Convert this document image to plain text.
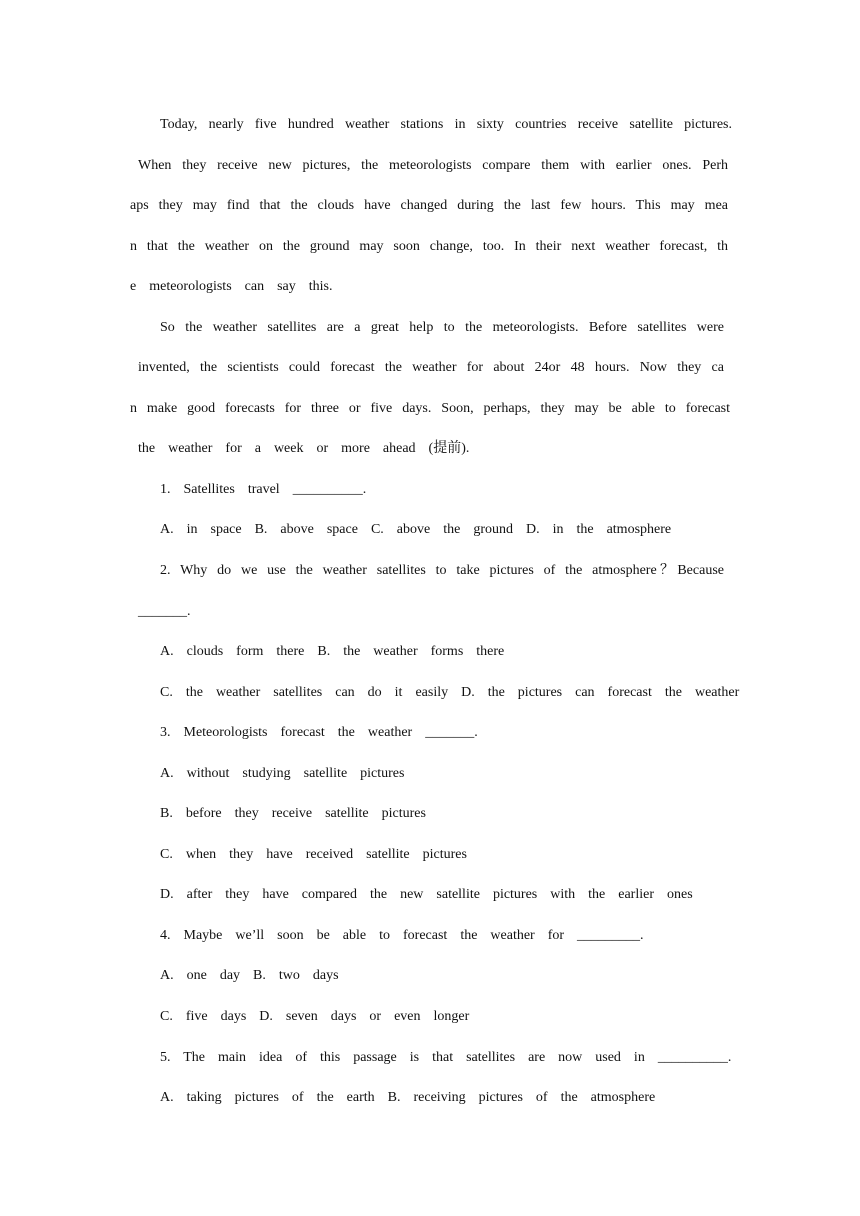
Today, nearly five hundred weather stations in sixty countries receive satellite pictures.
When they receive new pictures, the meteorologists compare them with earlier ones. Perh
aps they may find that the clouds have changed during the last few hours. This may mea
n that the weather on the ground may soon change, too. In their next weather forecast, th
e  meteorologists  can  say  this.
So the weather satellites are a great help to the meteorologists. Before satellites were
invented, the scientists could forecast the weather for about 24or 48 hours. Now they ca
n make good forecasts for three or five days. Soon, perhaps, they may be able to forecast
the  weather  for  a  week  or  more  ahead  (提前).
1.  Satellites  travel  __________.
A.  in  space  B.  above  space  C.  above  the  ground  D.  in  the  atmosphere
2. Why do we use the weather satellites to take pictures of the atmosphere？Because
_______.
A.  clouds  form  there  B.  the  weather  forms  there
C.  the  weather  satellites  can  do  it  easily  D.  the  pictures  can  forecast  the  weather
3.  Meteorologists  forecast  the  weather  _______.
A.  without  studying  satellite  pictures
B.  before  they  receive  satellite  pictures
C.  when  they  have  received  satellite  pictures
D.  after  they  have  compared  the  new  satellite  pictures  with  the  earlier  ones
4.  Maybe  we’ll  soon  be  able  to  forecast  the  weather  for  _________.
A.  one  day  B.  two  days
C.  five  days  D.  seven  days  or  even  longer
5.  The  main  idea  of  this  passage  is  that  satellites  are  now  used  in  __________.
A.  taking  pictures  of  the  earth  B.  receiving  pictures  of  the  atmosphere
